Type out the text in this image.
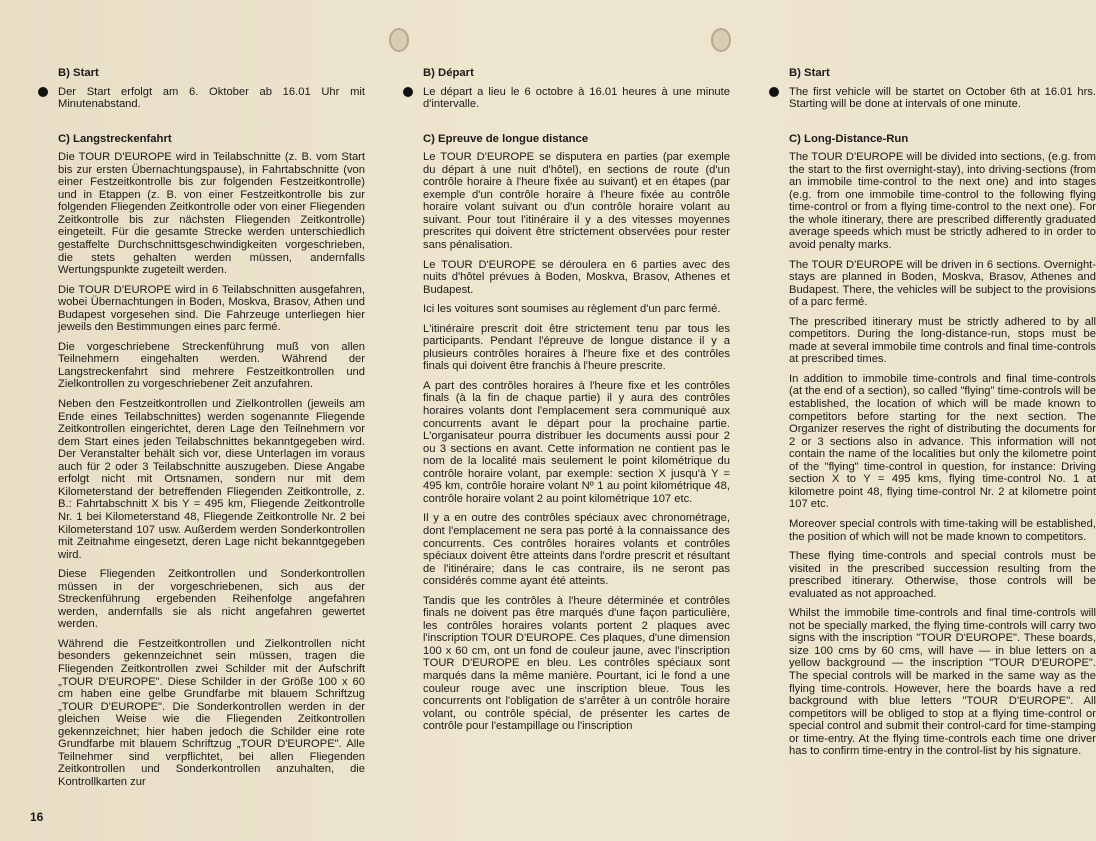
B) Start
Der Start erfolgt am 6. Oktober ab 16.01 Uhr mit Minutenabstand.
C) Langstreckenfahrt

Die TOUR D'EUROPE wird in Teilabschnitte (z. B. vom Start bis zur ersten Übernachtungspause), in Fahrtabschnitte (von einer Festzeitkontrolle bis zur folgenden Festzeitkontrolle) und in Etappen (z. B. von einer Festzeitkontrolle bis zur folgenden Fliegenden Zeitkontrolle oder von einer Fliegenden Zeitkontrolle bis zur nächsten Fliegenden Zeitkontrolle) eingeteilt. Für die gesamte Strecke werden unterschiedlich gestaffelte Durchschnittsgeschwindigkeiten vorgeschrieben, die stets gehalten werden müssen, andernfalls Wertungspunkte zugeteilt werden.

Die TOUR D'EUROPE wird in 6 Teilabschnitten ausgefahren, wobei Übernachtungen in Boden, Moskva, Brasov, Athen und Budapest vorgesehen sind. Die Fahrzeuge unterliegen hier jeweils den Bestimmungen eines parc fermé.

Die vorgeschriebene Streckenführung muß von allen Teilnehmern eingehalten werden. Während der Langstreckenfahrt sind mehrere Festzeitkontrollen und Zielkontrollen zu vorgeschriebener Zeit anzufahren.

Neben den Festzeitkontrollen und Zielkontrollen (jeweils am Ende eines Teilabschnittes) werden sogenannte Fliegende Zeitkontrollen eingerichtet, deren Lage den Teilnehmern vor dem Start eines jeden Teilabschnittes bekanntgegeben wird. Der Veranstalter behält sich vor, diese Unterlagen im voraus auch für 2 oder 3 Teilabschnitte auszugeben. Diese Angabe erfolgt nicht mit Ortsnamen, sondern nur mit dem Kilometerstand der betreffenden Fliegenden Zeitkontrolle, z. B.: Fahrtabschnitt X bis Y = 495 km, Fliegende Zeitkontrolle Nr. 1 bei Kilometerstand 48, Fliegende Zeitkontrolle Nr. 2 bei Kilometerstand 107 usw. Außerdem werden Sonderkontrollen mit Zeitnahme eingesetzt, deren Lage nicht bekanntgegeben wird.

Diese Fliegenden Zeitkontrollen und Sonderkontrollen müssen in der vorgeschriebenen, sich aus der Streckenführung ergebenden Reihenfolge angefahren werden, andernfalls sie als nicht angefahren gewertet werden.

Während die Festzeitkontrollen und Zielkontrollen nicht besonders gekennzeichnet sein müssen, tragen die Fliegenden Zeitkontrollen zwei Schilder mit der Aufschrift „TOUR D'EUROPE". Diese Schilder in der Größe 100 x 60 cm haben eine gelbe Grundfarbe mit blauem Schriftzug „TOUR D'EUROPE". Die Sonderkontrollen werden in der gleichen Weise wie die Fliegenden Zeitkontrollen gekennzeichnet; hier haben jedoch die Schilder eine rote Grundfarbe mit blauem Schriftzug „TOUR D'EUROPE". Alle Teilnehmer sind verpflichtet, bei allen Fliegenden Zeitkontrollen und Sonderkontrollen anzuhalten, die Kontrollkarten zur

B) Départ
Le départ a lieu le 6 octobre à 16.01 heures à une minute d'intervalle.
C) Epreuve de longue distance

Le TOUR D'EUROPE se disputera en parties (par exemple du départ à une nuit d'hôtel), en sections de route (d'un contrôle horaire à l'heure fixée au suivant) et en étapes (par exemple d'un contrôle horaire à l'heure fixée au contrôle horaire volant suivant ou d'un contrôle horaire volant au suivant. Pour tout l'itinéraire il y a des vitesses moyennes prescrites qui doivent être strictement observées pour rester sans pénalisation.

Le TOUR D'EUROPE se déroulera en 6 parties avec des nuits d'hôtel prévues à Boden, Moskva, Brasov, Athenes et Budapest.

Ici les voitures sont soumises au règlement d'un parc fermé.

L'itinéraire prescrit doit être strictement tenu par tous les participants. Pendant l'épreuve de longue distance il y a plusieurs contrôles horaires à l'heure fixe et des contrôles finals qui doivent être franchis à l'heure prescrite.

A part des contrôles horaires à l'heure fixe et les contrôles finals (à la fin de chaque partie) il y aura des contrôles horaires volants dont l'emplacement sera communiqué aux concurrents avant le départ pour la prochaine partie. L'organisateur pourra distribuer les documents aussi pour 2 ou 3 sections en avant. Cette information ne contient pas le nom de la localité mais seulement le point kilométrique du contrôle horaire volant, par exemple: section X jusqu'à Y = 495 km, contrôle horaire volant Nº 1 au point kilométrique 48, contrôle horaire volant 2 au point kilométrique 107 etc.

Il y a en outre des contrôles spéciaux avec chronométrage, dont l'emplacement ne sera pas porté à la connaissance des concurrents. Ces contrôles horaires volants et contrôles spéciaux doivent être atteints dans l'ordre prescrit et résultant de l'itinéraire; dans le cas contraire, ils ne seront pas considérés comme ayant été atteints.

Tandis que les contrôles à l'heure déterminée et contrôles finals ne doivent pas être marqués d'une façon particulière, les contrôles horaires volants portent 2 plaques avec l'inscription TOUR D'EUROPE. Ces plaques, d'une dimension 100 x 60 cm, ont un fond de couleur jaune, avec l'inscription TOUR D'EUROPE en bleu. Les contrôles spéciaux sont marqués dans la même manière. Pourtant, ici le fond a une couleur rouge avec une inscription bleue. Tous les concurrents ont l'obligation de s'arrêter à un contrôle horaire volant, ou contrôle spécial, de présenter les cartes de contrôle pour l'estampillage ou l'inscription

B) Start
The first vehicle will be startet on October 6th at 16.01 hrs. Starting will be done at intervals of one minute.
C) Long-Distance-Run

The TOUR D'EUROPE will be divided into sections, (e.g. from the start to the first overnight-stay), into driving-sections (from an immobile time-control to the next one) and into stages (e.g. from one immobile time-control to the following flying time-control or from a flying time-control to the next one). For the whole itinerary, there are prescribed differently graduated average speeds which must be strictly adhered to in order to avoid penalty marks.

The TOUR D'EUROPE will be driven in 6 sections. Overnight-stays are planned in Boden, Moskva, Brasov, Athenes and Budapest. There, the vehicles will be subject to the provisions of a parc fermé.

The prescribed itinerary must be strictly adhered to by all competitors. During the long-distance-run, stops must be made at several immobile time controls and final time-controls at prescribed times.

In addition to immobile time-controls and final time-controls (at the end of a section), so called "flying" time-controls will be established, the location of which will be made known to competitors before starting for the next section. The Organizer reserves the right of distributing the documents for 2 or 3 sections also in advance. This information will not contain the name of the localities but only the kilometre point of the "flying" time-control in question, for instance: Driving section X to Y = 495 kms, flying time-control No. 1 at kilometre point 48, flying time-control Nr. 2 at kilometre point 107 etc.

Moreover special controls with time-taking will be established, the position of which will not be made known to competitors.

These flying time-controls and special controls must be visited in the prescribed succession resulting from the prescribed itinerary. Otherwise, those controls will be evaluated as not approached.

Whilst the immobile time-controls and final time-controls will not be specially marked, the flying time-controls will carry two signs with the inscription "TOUR D'EUROPE". These boards, size 100 cms by 60 cms, will have — in blue letters on a yellow background — the inscription "TOUR D'EUROPE". The special controls will be marked in the same way as the flying time-controls. However, here the boards have a red background with blue letters "TOUR D'EUROPE". All competitors will be obliged to stop at a flying time-control or special control and submit their control-card for time-stamping or time-entry. At the flying time-controls each time one driver has to confirm time-entry in the control-list by his signature.

16
